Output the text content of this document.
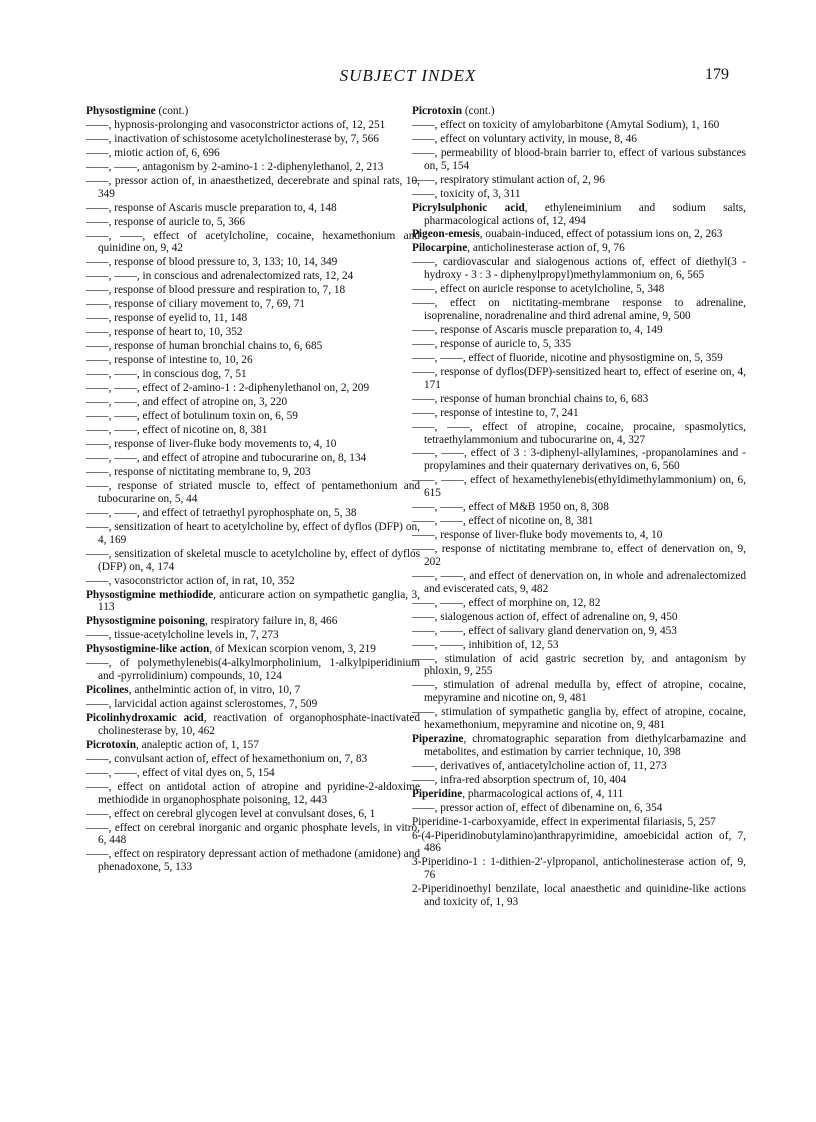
SUBJECT INDEX	179
Physostigmine (cont.)
——, hypnosis-prolonging and vasoconstrictor actions of, 12, 251
——, inactivation of schistosome acetylcholinesterase by, 7, 566
——, miotic action of, 6, 696
——, ——, antagonism by 2-amino-1 : 2-diphenylethanol, 2, 213
——, pressor action of, in anaesthetized, decerebrate and spinal rats, 10, 349
——, response of Ascaris muscle preparation to, 4, 148
——, response of auricle to, 5, 366
——, ——, effect of acetylcholine, cocaine, hexamethonium and quinidine on, 9, 42
——, response of blood pressure to, 3, 133; 10, 14, 349
——, ——, in conscious and adrenalectomized rats, 12, 24
——, response of blood pressure and respiration to, 7, 18
——, response of ciliary movement to, 7, 69, 71
——, response of eyelid to, 11, 148
——, response of heart to, 10, 352
——, response of human bronchial chains to, 6, 685
——, response of intestine to, 10, 26
——, ——, in conscious dog, 7, 51
——, ——, effect of 2-amino-1 : 2-diphenylethanol on, 2, 209
——, ——, and effect of atropine on, 3, 220
——, ——, effect of botulinum toxin on, 6, 59
——, ——, effect of nicotine on, 8, 381
——, response of liver-fluke body movements to, 4, 10
——, ——, and effect of atropine and tubocurarine on, 8, 134
——, response of nictitating membrane to, 9, 203
——, response of striated muscle to, effect of pentamethonium and tubocurarine on, 5, 44
——, ——, and effect of tetraethyl pyrophosphate on, 5, 38
——, sensitization of heart to acetylcholine by, effect of dyflos (DFP) on, 4, 169
——, sensitization of skeletal muscle to acetylcholine by, effect of dyflos (DFP) on, 4, 174
——, vasoconstrictor action of, in rat, 10, 352
Physostigmine methiodide, anticurare action on sympathetic ganglia, 3, 113
Physostigmine poisoning, respiratory failure in, 8, 466
——, tissue-acetylcholine levels in, 7, 273
Physostigmine-like action, of Mexican scorpion venom, 3, 219
——, of polymethylenebis(4-alkylmorpholinium, 1-alkylpiperidinium and -pyrrolidinium) compounds, 10, 124
Picolines, anthelmintic action of, in vitro, 10, 7
——, larvicidal action against sclerostomes, 7, 509
Picolinhydroxamic acid, reactivation of organophosphate-inactivated cholinesterase by, 10, 462
Picrotoxin, analeptic action of, 1, 157
——, convulsant action of, effect of hexamethonium on, 7, 83
——, ——, effect of vital dyes on, 5, 154
——, effect on antidotal action of atropine and pyridine-2-aldoxime methiodide in organophosphate poisoning, 12, 443
——, effect on cerebral glycogen level at convulsant doses, 6, 1
——, effect on cerebral inorganic and organic phosphate levels, in vitro, 6, 448
——, effect on respiratory depressant action of methadone (amidone) and phenadoxone, 5, 133
Picrotoxin (cont.)
——, effect on toxicity of amylobarbitone (Amytal Sodium), 1, 160
——, effect on voluntary activity, in mouse, 8, 46
——, permeability of blood-brain barrier to, effect of various substances on, 5, 154
——, respiratory stimulant action of, 2, 96
——, toxicity of, 3, 311
Picrylsulphonic acid, ethyleneiminium and sodium salts, pharmacological actions of, 12, 494
Pigeon-emesis, ouabain-induced, effect of potassium ions on, 2, 263
Pilocarpine, anticholinesterase action of, 9, 76
——, cardiovascular and sialogenous actions of, effect of diethyl(3 - hydroxy - 3 : 3 - diphenylpropyl)methylammonium on, 6, 565
——, effect on auricle response to acetylcholine, 5, 348
——, effect on nictitating-membrane response to adrenaline, isoprenaline, noradrenaline and third adrenal amine, 9, 500
——, response of Ascaris muscle preparation to, 4, 149
——, response of auricle to, 5, 335
——, ——, effect of fluoride, nicotine and physostigmine on, 5, 359
——, response of dyflos(DFP)-sensitized heart to, effect of eserine on, 4, 171
——, response of human bronchial chains to, 6, 683
——, response of intestine to, 7, 241
——, ——, effect of atropine, cocaine, procaine, spasmolytics, tetraethylammonium and tubocurarine on, 4, 327
——, ——, effect of 3 : 3-diphenyl-allylamines, -propanolamines and -propylamines and their quaternary derivatives on, 6, 560
——, ——, effect of hexamethylenebis(ethyldimethylammonium) on, 6, 615
——, ——, effect of M&B 1950 on, 8, 308
——, ——, effect of nicotine on, 8, 381
——, response of liver-fluke body movements to, 4, 10
——, response of nictitating membrane to, effect of denervation on, 9, 202
——, ——, and effect of denervation on, in whole and adrenalectomized and eviscerated cats, 9, 482
——, ——, effect of morphine on, 12, 82
——, sialogenous action of, effect of adrenaline on, 9, 450
——, ——, effect of salivary gland denervation on, 9, 453
——, ——, inhibition of, 12, 53
——, stimulation of acid gastric secretion by, and antagonism by phloxin, 9, 255
——, stimulation of adrenal medulla by, effect of atropine, cocaine, mepyramine and nicotine on, 9, 481
——, stimulation of sympathetic ganglia by, effect of atropine, cocaine, hexamethonium, mepyramine and nicotine on, 9, 481
Piperazine, chromatographic separation from diethylcarbamazine and metabolites, and estimation by carrier technique, 10, 398
——, derivatives of, antiacetylcholine action of, 11, 273
——, infra-red absorption spectrum of, 10, 404
Piperidine, pharmacological actions of, 4, 111
——, pressor action of, effect of dibenamine on, 6, 354
Piperidine-1-carboxyamide, effect in experimental filariasis, 5, 257
6-(4-Piperidinobutylamino)anthrapyrimidine, amoebicidal action of, 7, 486
3-Piperidino-1 : 1-dithien-2′-ylpropanol, anticholinesterase action of, 9, 76
2-Piperidinoethyl benzilate, local anaesthetic and quinidine-like actions and toxicity of, 1, 93
